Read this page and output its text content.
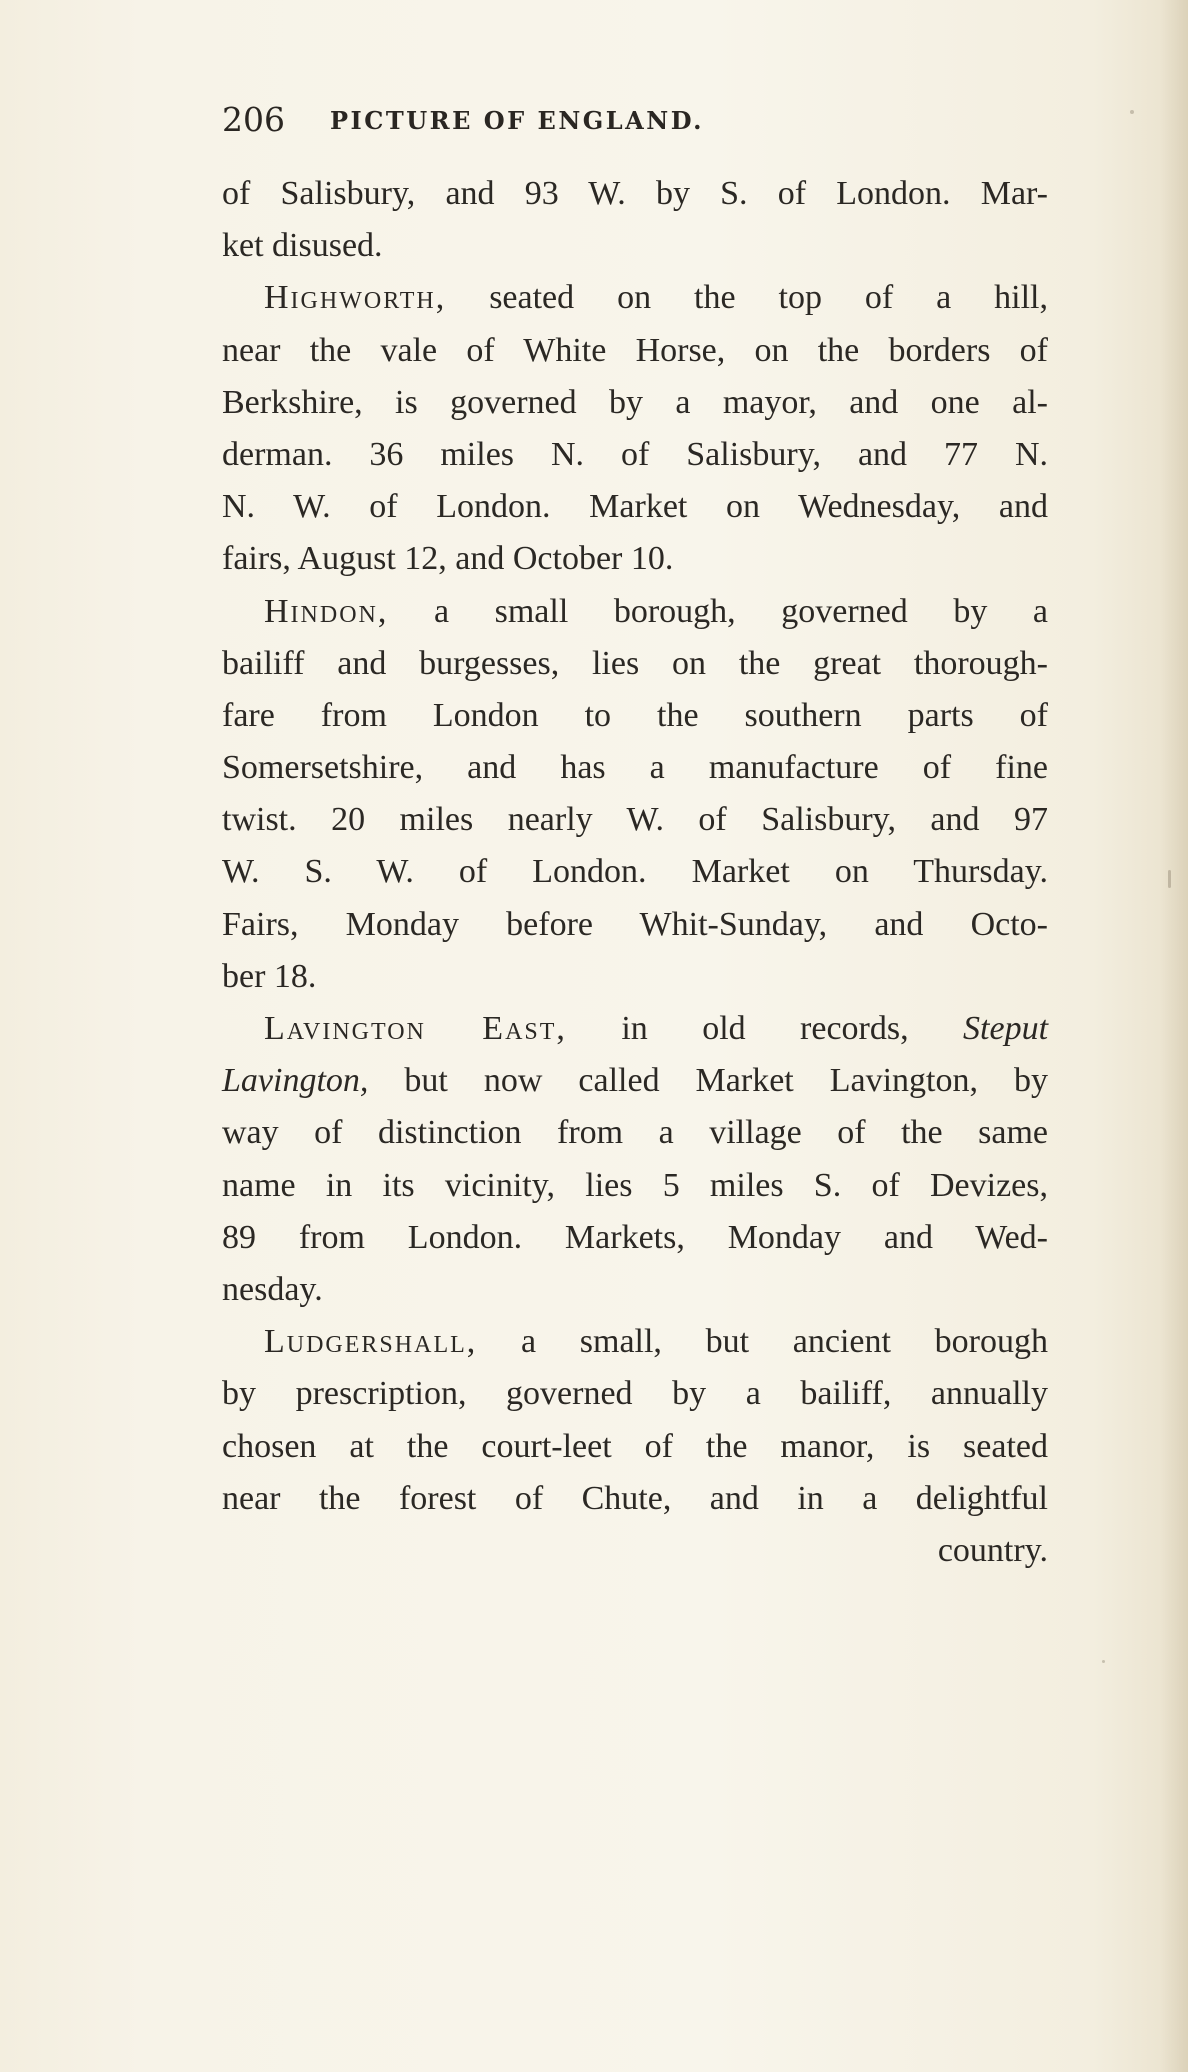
206 PICTURE OF ENGLAND.
of Salisbury, and 93 W. by S. of London. Mar-
ket disused.
Highworth, seated on the top of a hill,
near the vale of White Horse, on the borders of
Berkshire, is governed by a mayor, and one al-
derman. 36 miles N. of Salisbury, and 77 N.
N. W. of London. Market on Wednesday, and
fairs, August 12, and October 10.
Hindon, a small borough, governed by a
bailiff and burgesses, lies on the great thorough-
fare from London to the southern parts of
Somersetshire, and has a manufacture of fine
twist. 20 miles nearly W. of Salisbury, and 97
W. S. W. of London. Market on Thursday.
Fairs, Monday before Whit-Sunday, and Octo-
ber 18.
Lavington East, in old records, Steput
Lavington, but now called Market Lavington, by
way of distinction from a village of the same
name in its vicinity, lies 5 miles S. of Devizes,
89 from London. Markets, Monday and Wed-
nesday.
Ludgershall, a small, but ancient borough
by prescription, governed by a bailiff, annually
chosen at the court-leet of the manor, is seated
near the forest of Chute, and in a delightful
country.
